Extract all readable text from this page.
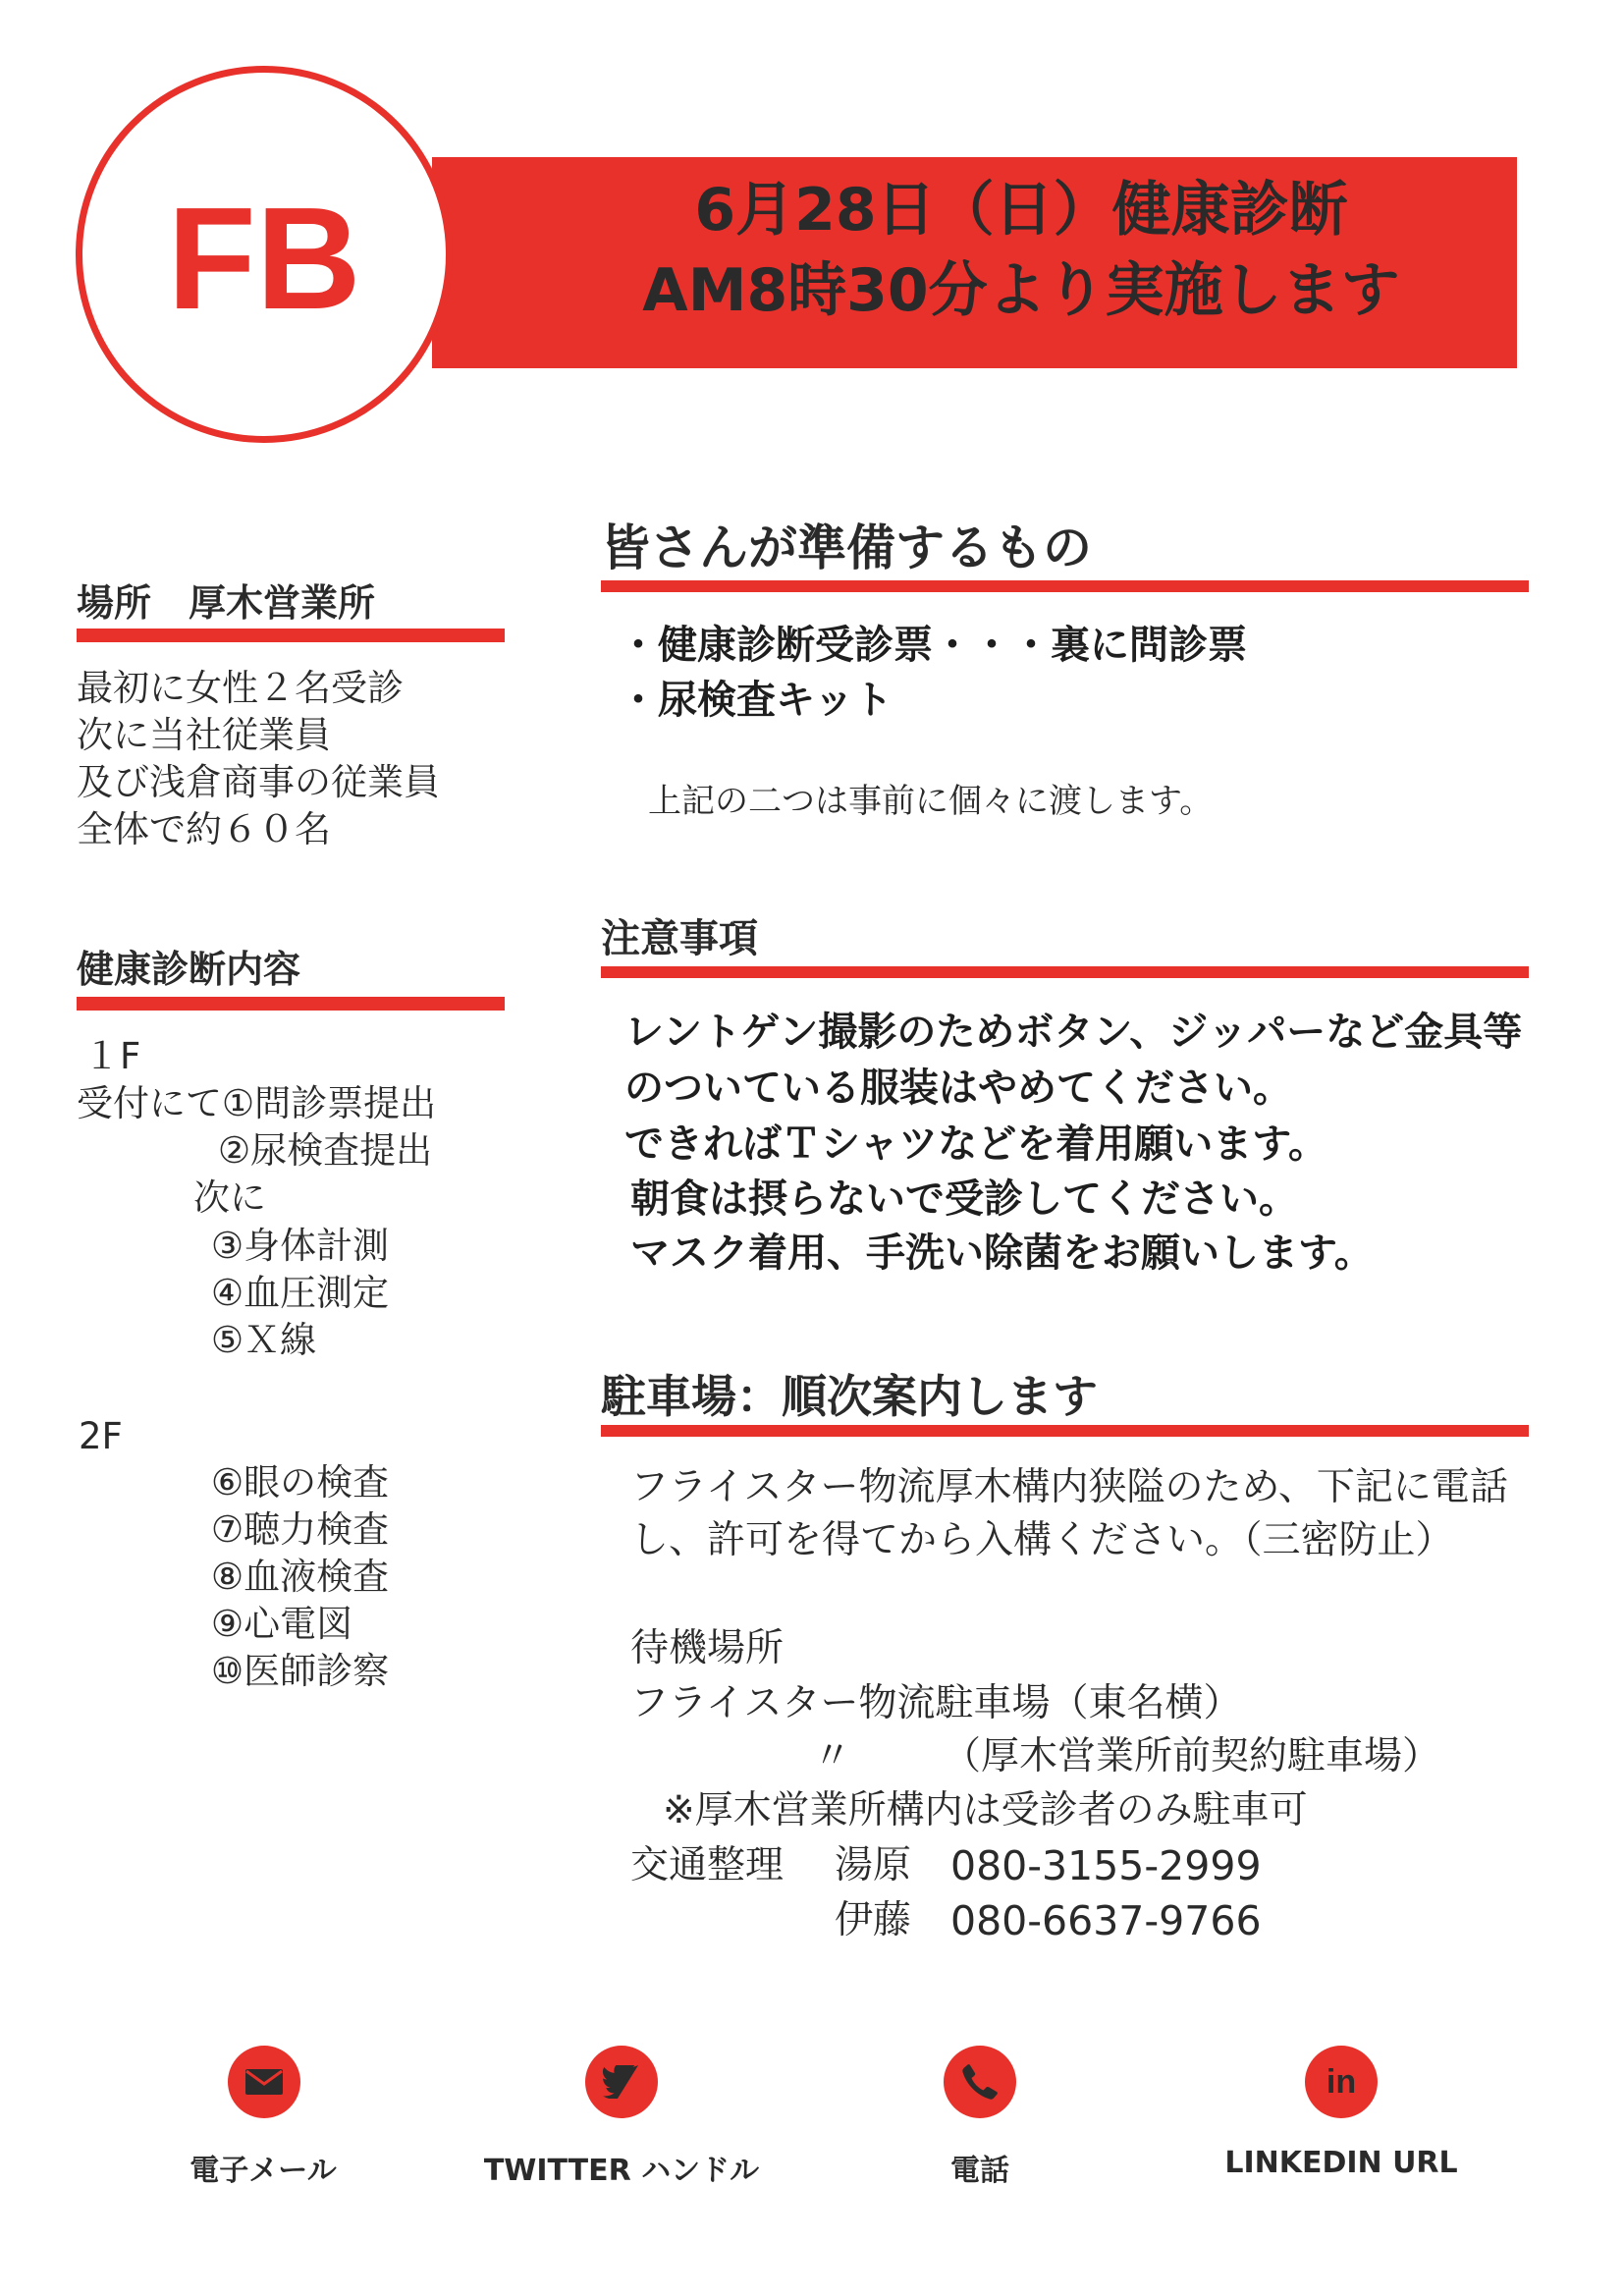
FB	6月28日（日）健康診断
AM8時30分より実施します
場所　厚木営業所
最初に女性２名受診
次に当社従業員
及び浅倉商事の従業員
全体で約６０名
健康診断内容
１F
受付にて①問診票提出
②尿検査提出
次に
③身体計測
④血圧測定
⑤Ｘ線
2F
⑥眼の検査
⑦聴力検査
⑧血液検査
⑨心電図
⑩医師診察
皆さんが準備するもの
・健康診断受診票・・・裏に問診票
・尿検査キット
上記の二つは事前に個々に渡します。
注意事項
レントゲン撮影のためボタン、ジッパーなど金具等
のついている服装はやめてください。
できればＴシャツなどを着用願います。
朝食は摂らないで受診してください。
マスク着用、手洗い除菌をお願いします。
駐車場：順次案内します
フライスター物流厚木構内狭隘のため、下記に電話
し、許可を得てから入構ください。（三密防止）
待機場所
フライスター物流駐車場（東名横）
〃 （厚木営業所前契約駐車場）
※厚木営業所構内は受診者のみ駐車可
交通整理 湯原 080-3155-2999
伊藤 080-6637-9766
電子メール	TWITTER ハンドル	電話
in
LINKEDIN URL
